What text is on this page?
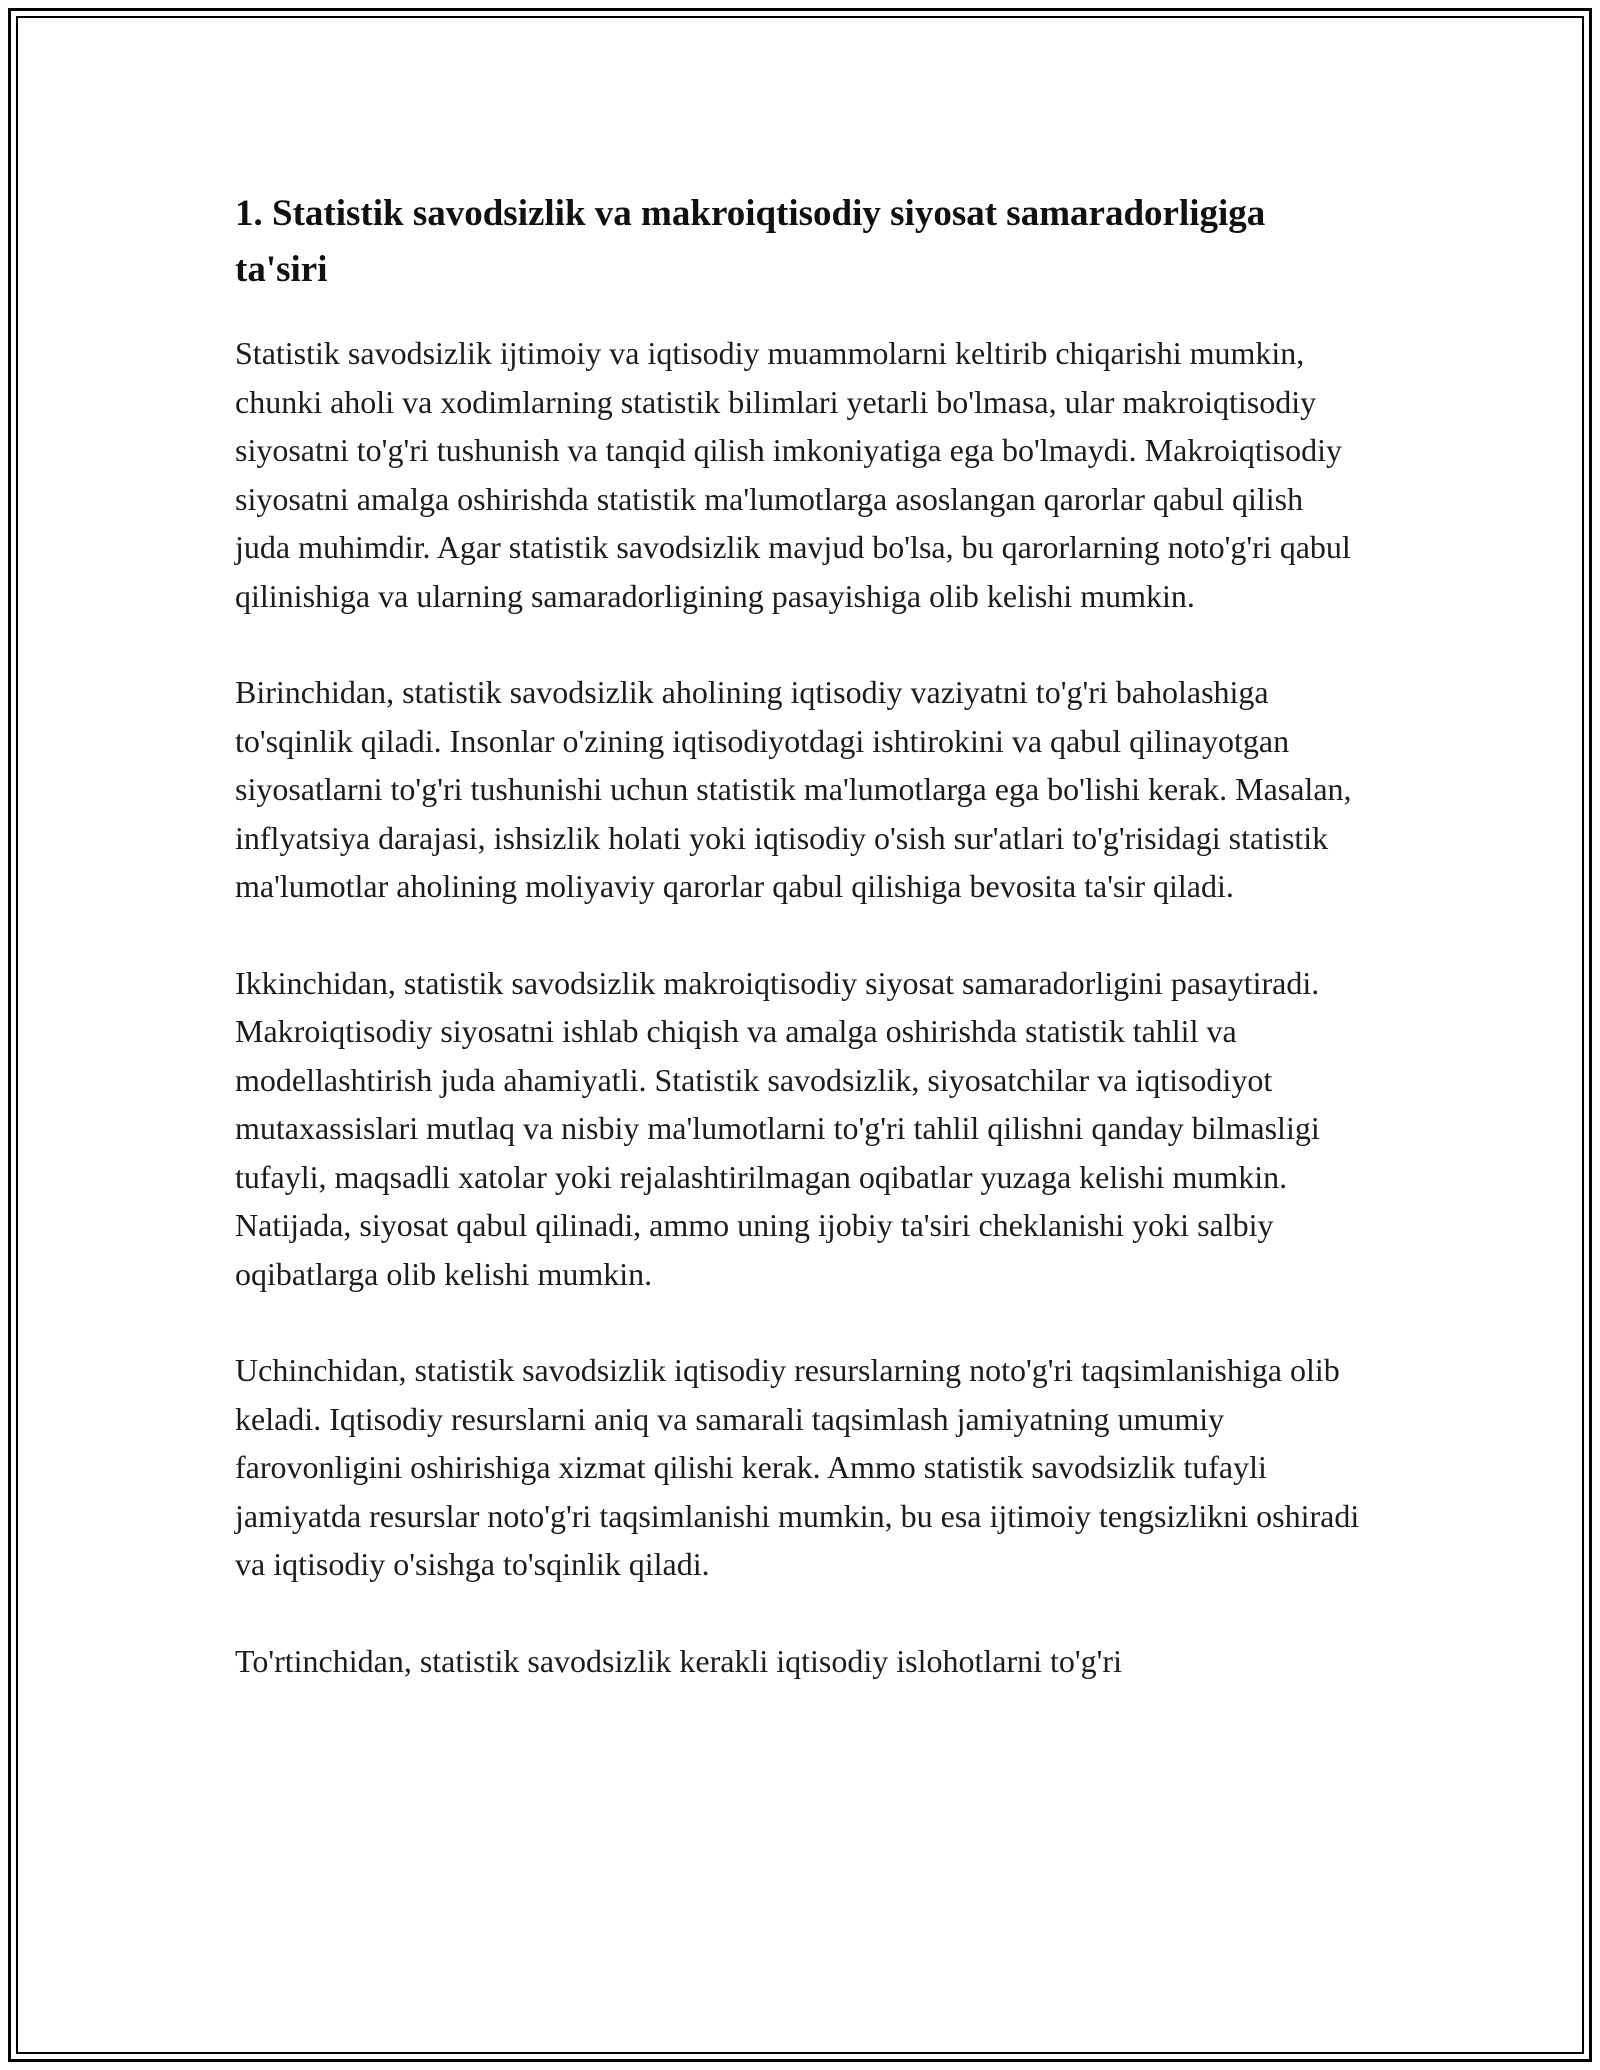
1. Statistik savodsizlik va makroiqtisodiy siyosat samaradorligiga ta'siri

Statistik savodsizlik ijtimoiy va iqtisodiy muammolarni keltirib chiqarishi mumkin, chunki aholi va xodimlarning statistik bilimlari yetarli bo'lmasa, ular makroiqtisodiy siyosatni to'g'ri tushunish va tanqid qilish imkoniyatiga ega bo'lmaydi. Makroiqtisodiy siyosatni amalga oshirishda statistik ma'lumotlarga asoslangan qarorlar qabul qilish juda muhimdir. Agar statistik savodsizlik mavjud bo'lsa, bu qarorlarning noto'g'ri qabul qilinishiga va ularning samaradorligining pasayishiga olib kelishi mumkin.

Birinchidan, statistik savodsizlik aholining iqtisodiy vaziyatni to'g'ri baholashiga to'sqinlik qiladi. Insonlar o'zining iqtisodiyotdagi ishtirokini va qabul qilinayotgan siyosatlarni to'g'ri tushunishi uchun statistik ma'lumotlarga ega bo'lishi kerak. Masalan, inflyatsiya darajasi, ishsizlik holati yoki iqtisodiy o'sish sur'atlari to'g'risidagi statistik ma'lumotlar aholining moliyaviy qarorlar qabul qilishiga bevosita ta'sir qiladi.

Ikkinchidan, statistik savodsizlik makroiqtisodiy siyosat samaradorligini pasaytiradi. Makroiqtisodiy siyosatni ishlab chiqish va amalga oshirishda statistik tahlil va modellashtirish juda ahamiyatli. Statistik savodsizlik, siyosatchilar va iqtisodiyot mutaxassislari mutlaq va nisbiy ma'lumotlarni to'g'ri tahlil qilishni qanday bilmasligi tufayli, maqsadli xatolar yoki rejalashtirilmagan oqibatlar yuzaga kelishi mumkin. Natijada, siyosat qabul qilinadi, ammo uning ijobiy ta'siri cheklanishi yoki salbiy oqibatlarga olib kelishi mumkin.

Uchinchidan, statistik savodsizlik iqtisodiy resurslarning noto'g'ri taqsimlanishiga olib keladi. Iqtisodiy resurslarni aniq va samarali taqsimlash jamiyatning umumiy farovonligini oshirishiga xizmat qilishi kerak. Ammo statistik savodsizlik tufayli jamiyatda resurslar noto'g'ri taqsimlanishi mumkin, bu esa ijtimoiy tengsizlikni oshiradi va iqtisodiy o'sishga to'sqinlik qiladi.

To'rtinchidan, statistik savodsizlik kerakli iqtisodiy islohotlarni to'g'ri
